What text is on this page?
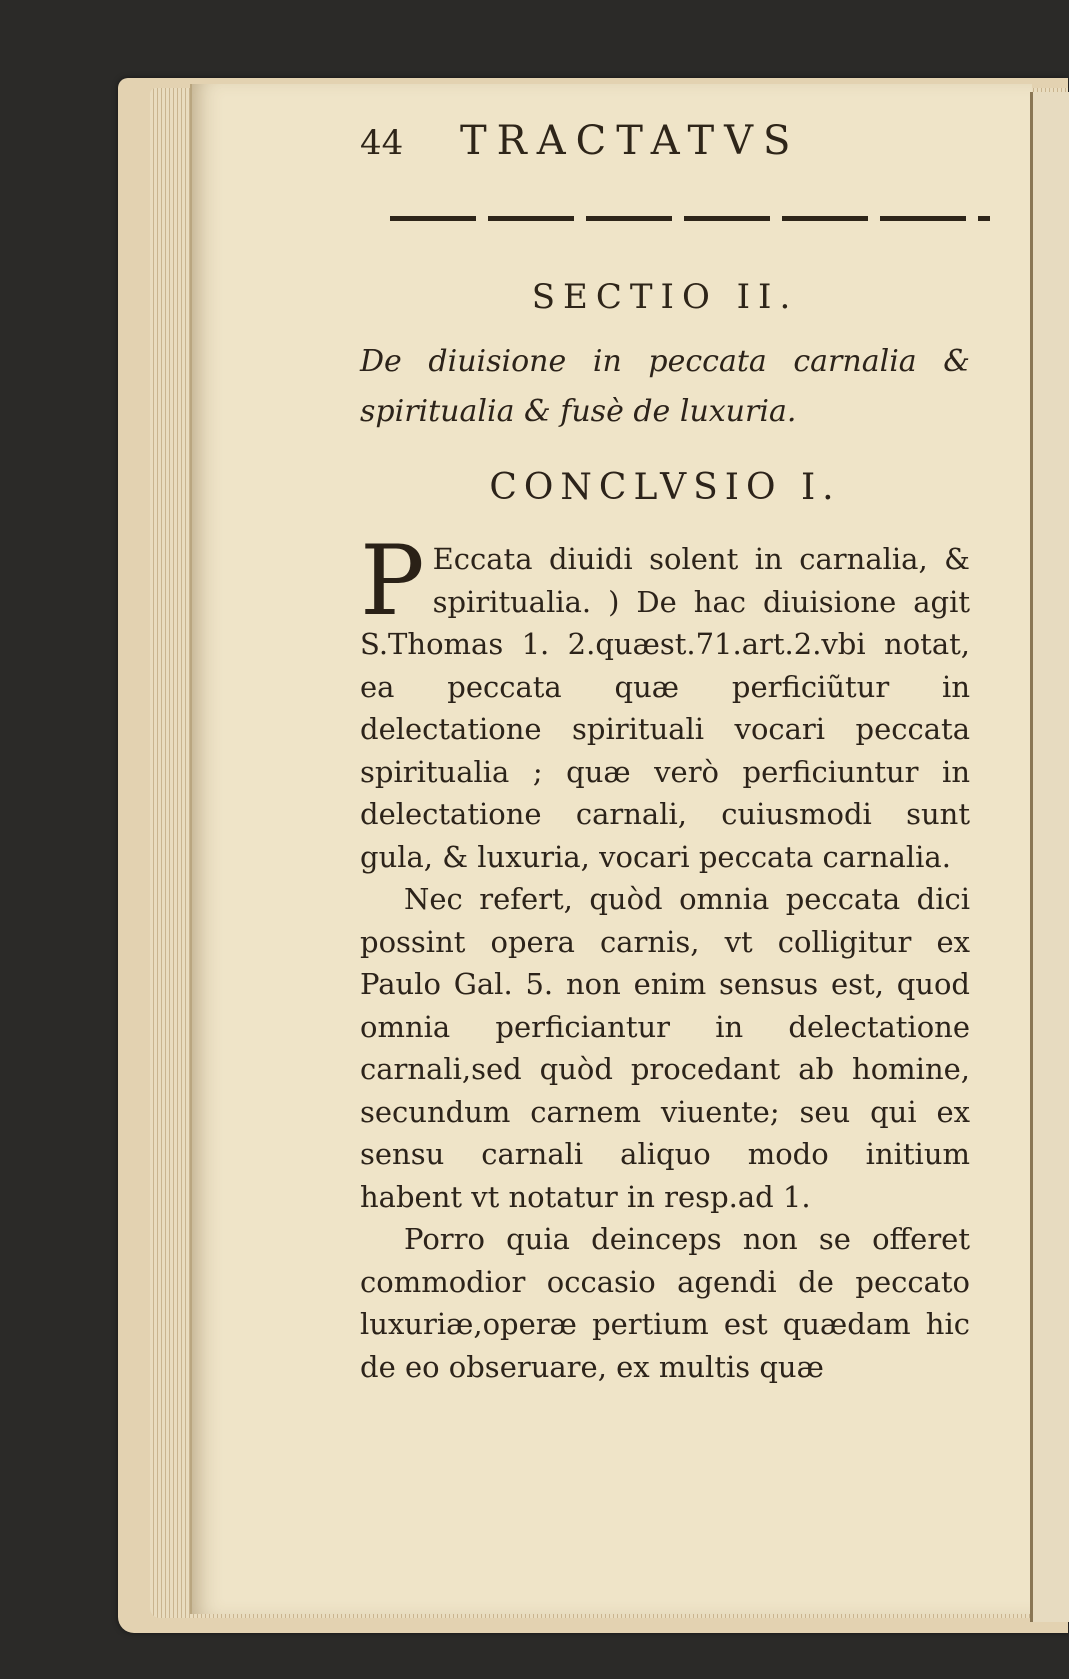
44	TRACTATVS
SECTIO II.
De diuisione in peccata carnalia &
spiritualia & fusè de luxuria.
CONCLVSIO I.

P Eccata diuidi solent in carnalia, & spiritualia. ) De hac diuisione agit S.Thomas 1. 2.quæst.71.art.2.vbi notat, ea peccata quæ perficiũtur in delectatione spirituali vocari peccata spiritualia ; quæ verò perficiuntur in delectatione carnali, cuiusmodi sunt gula, & luxuria, vocari peccata carnalia.

Nec refert, quòd omnia peccata dici possint opera carnis, vt colligitur ex Paulo Gal. 5. non enim sensus est, quod omnia perficiantur in delectatione carnali,sed quòd procedant ab homine, secundum carnem viuente; seu qui ex sensu carnali aliquo modo initium habent vt notatur in resp.ad 1.

Porro quia deinceps non se offeret commodior occasio agendi de peccato luxuriæ,operæ pertium est quædam hic de eo obseruare, ex multis quæ
